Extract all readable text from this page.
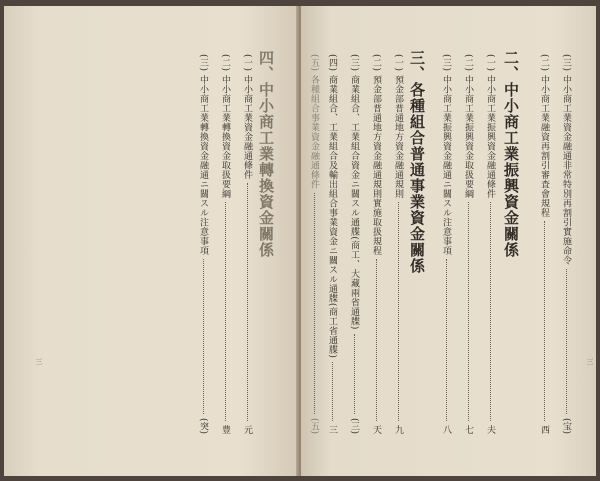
四、中小商工業轉換資金關係
(一) 中小商工業資金融通條件
元
(二) 中小商工業轉換資金取扱要綱
豊
(三) 中小商工業轉換資金融通ニ關スル注意事項
(突)
三
(三) 中小商工業資金融通非常特別再割引實施命令
(宝)
(二) 中小商工業融資再割引審査會規程
西
二、中小商工業振興資金關係
(一) 中小商工業振興資金融通條件
夫
(二) 中小商工業振興資金取扱要綱
七
(三) 中小商工業振興資金融通ニ關スル注意事項
八
三、各種組合普通事業資金關係
(一) 預金部普通地方資金融通規則
九
(二) 預金部普通地方資金融通規則實施取扱規程
天
(三) 商業組合、工業組合資金ニ關スル通牒(商工、大藏兩省通牒)
(三)
(四) 商業組合、工業組合及輸出組合事業資金ニ關スル通牒(商工省通牒)
三
(五) 各種組合事業資金融通條件
(五)
三
